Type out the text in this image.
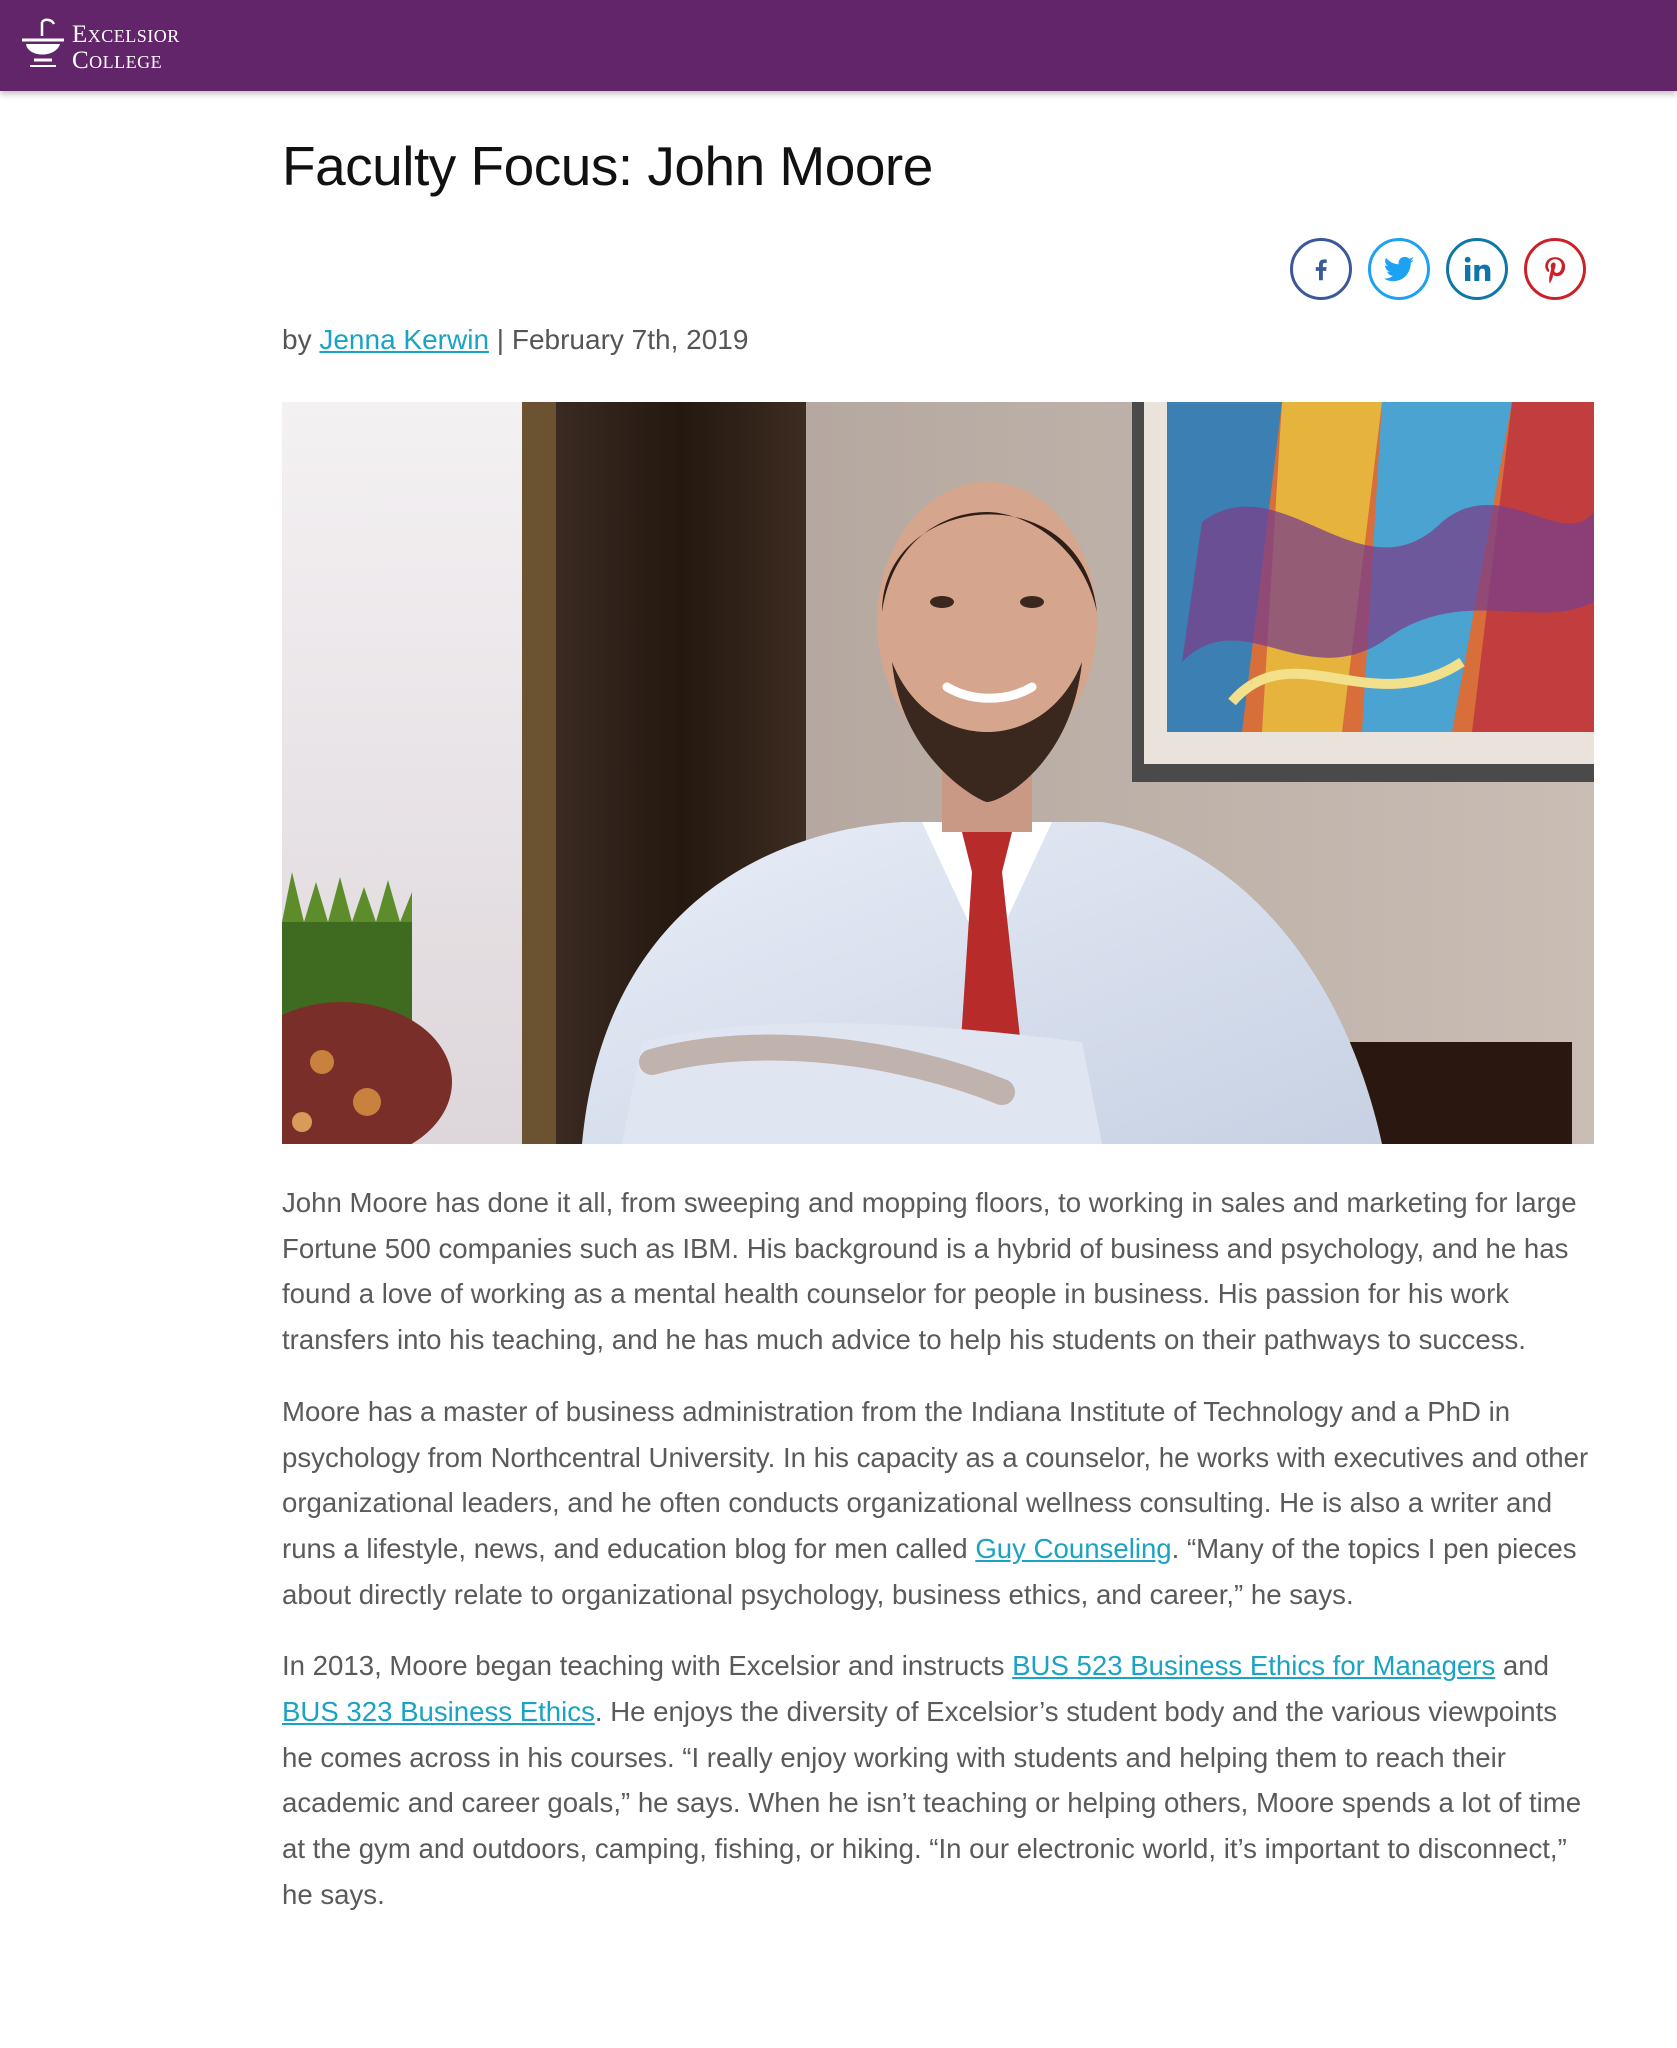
Excelsior
College
Faculty Focus: John Moore
by Jenna Kerwin | February 7th, 2019

John Moore has done it all, from sweeping and mopping floors, to working in sales and marketing for large Fortune 500 companies such as IBM. His background is a hybrid of business and psychology, and he has found a love of working as a mental health counselor for people in business. His passion for his work transfers into his teaching, and he has much advice to help his students on their pathways to success.

Moore has a master of business administration from the Indiana Institute of Technology and a PhD in psychology from Northcentral University. In his capacity as a counselor, he works with executives and other organizational leaders, and he often conducts organizational wellness consulting. He is also a writer and runs a lifestyle, news, and education blog for men called Guy Counseling. “Many of the topics I pen pieces about directly relate to organizational psychology, business ethics, and career,” he says.

In 2013, Moore began teaching with Excelsior and instructs BUS 523 Business Ethics for Managers and BUS 323 Business Ethics. He enjoys the diversity of Excelsior’s student body and the various viewpoints he comes across in his courses. “I really enjoy working with students and helping them to reach their academic and career goals,” he says. When he isn’t teaching or helping others, Moore spends a lot of time at the gym and outdoors, camping, fishing, or hiking. “In our electronic world, it’s important to disconnect,” he says.
